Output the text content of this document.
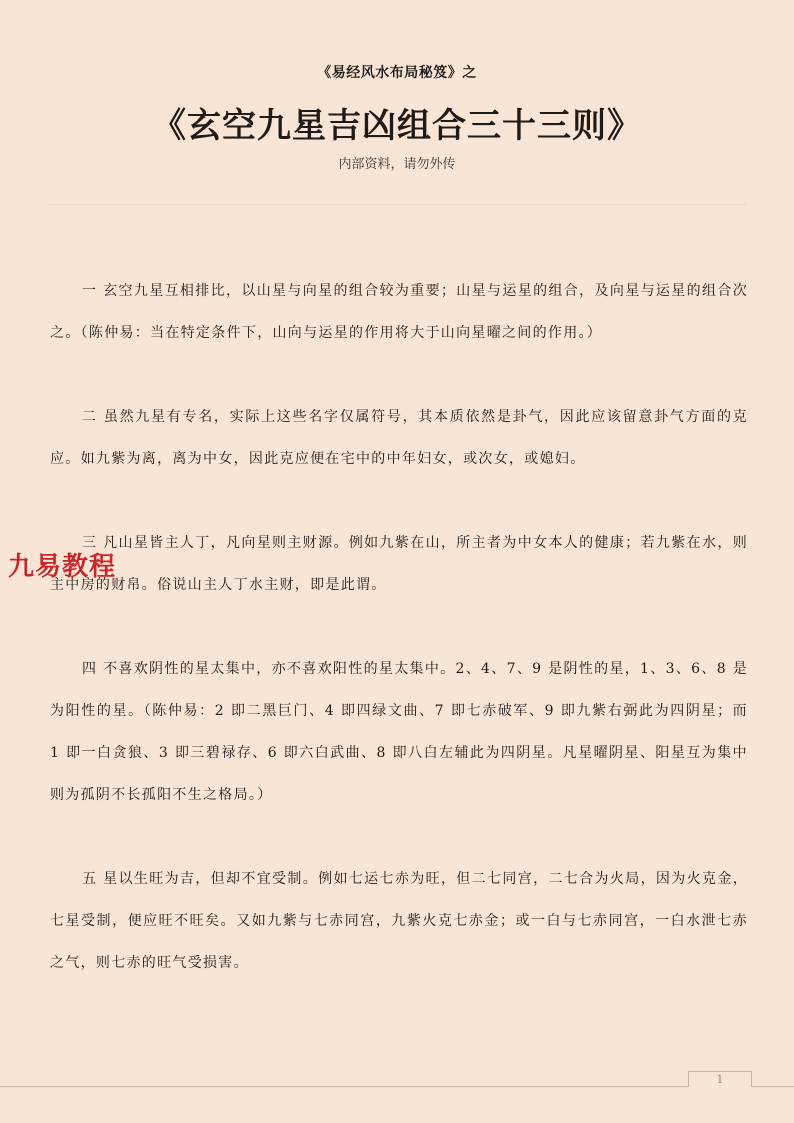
《易经风水布局秘笈》之
《玄空九星吉凶组合三十三则》
内部资料，请勿外传

一 玄空九星互相排比，以山星与向星的组合较为重要；山星与运星的组合，及向星与运星的组合次之。（陈仲易：当在特定条件下，山向与运星的作用将大于山向星曜之间的作用。）

二 虽然九星有专名，实际上这些名字仅属符号，其本质依然是卦气，因此应该留意卦气方面的克应。如九紫为离，离为中女，因此克应便在宅中的中年妇女，或次女，或媳妇。

三 凡山星皆主人丁，凡向星则主财源。例如九紫在山，所主者为中女本人的健康；若九紫在水，则主中房的财帛。俗说山主人丁水主财，即是此谓。

四 不喜欢阴性的星太集中，亦不喜欢阳性的星太集中。2、4、7、9 是阴性的星，1、3、6、8 是为阳性的星。（陈仲易：2 即二黑巨门、4 即四绿文曲、7 即七赤破军、9 即九紫右弼此为四阴星；而 1 即一白贪狼、3 即三碧禄存、6 即六白武曲、8 即八白左辅此为四阴星。凡星曜阴星、阳星互为集中则为孤阴不长孤阳不生之格局。）

五 星以生旺为吉，但却不宜受制。例如七运七赤为旺，但二七同宫，二七合为火局，因为火克金，七星受制，便应旺不旺矣。又如九紫与七赤同宫，九紫火克七赤金；或一白与七赤同宫，一白水泄七赤之气，则七赤的旺气受损害。

九易教程
1
